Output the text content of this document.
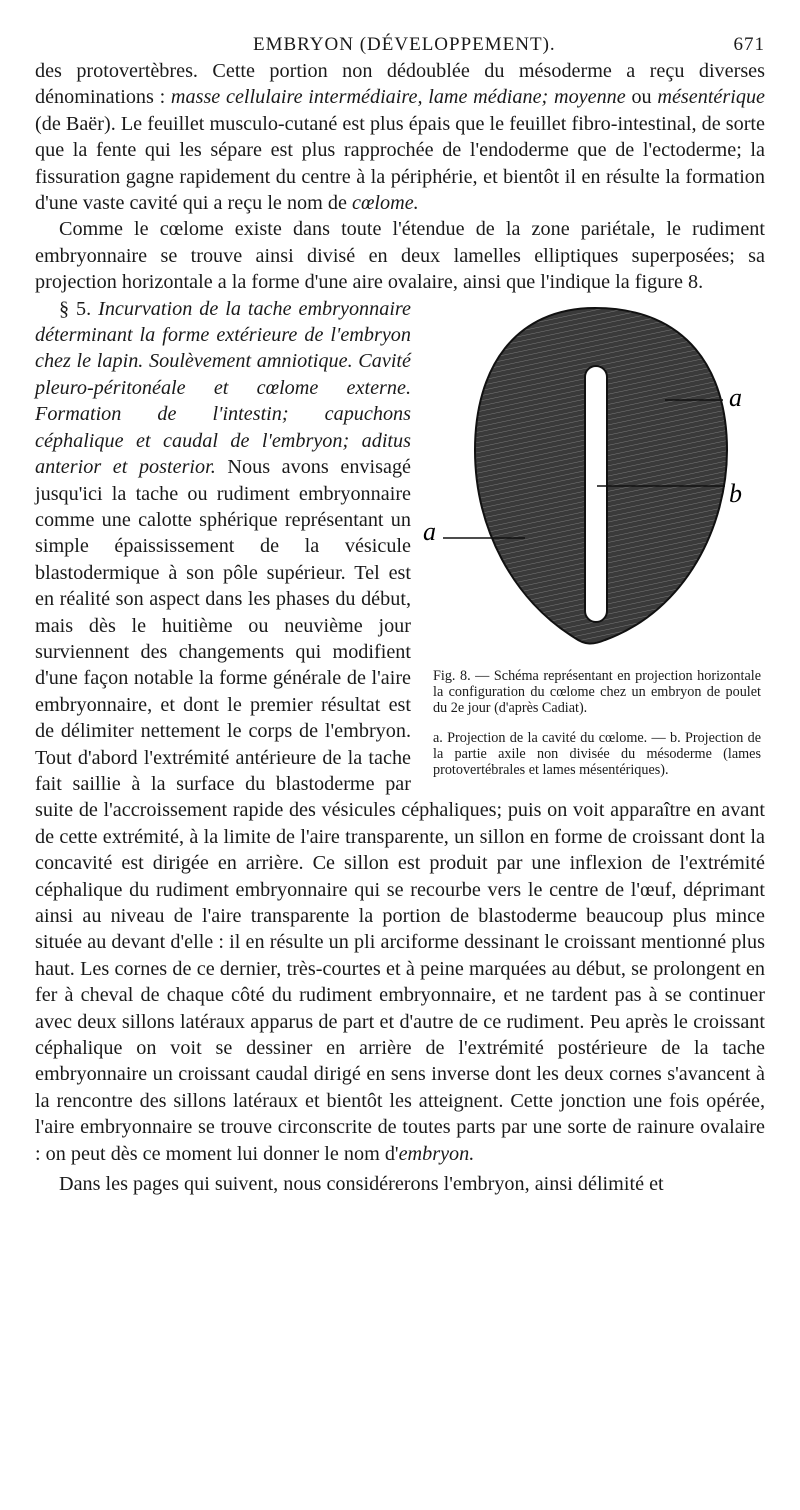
EMBRYON (DÉVELOPPEMENT).	671

des protovertèbres. Cette portion non dédoublée du mésoderme a reçu diverses dénominations : masse cellulaire intermédiaire, lame médiane; moyenne ou mésentérique (de Baër). Le feuillet musculo-cutané est plus épais que le feuillet fibro-intestinal, de sorte que la fente qui les sépare est plus rapprochée de l'endoderme que de l'ectoderme; la fissuration gagne rapidement du centre à la périphérie, et bientôt il en résulte la formation d'une vaste cavité qui a reçu le nom de cœlome.

Comme le cœlome existe dans toute l'étendue de la zone pariétale, le rudiment embryonnaire se trouve ainsi divisé en deux lamelles elliptiques superposées; sa projection horizontale a la forme d'une aire ovalaire, ainsi que l'indique la figure 8.

a
b
a
Fig. 8. — Schéma représentant en projection horizontale la configuration du cœlome chez un embryon de poulet du 2e jour (d'après Cadiat).
a. Projection de la cavité du cœlome. — b. Projection de la partie axile non divisée du mésoderme (lames protovertébrales et lames mésentériques).

§ 5. Incurvation de la tache embryonnaire déterminant la forme extérieure de l'embryon chez le lapin. Soulèvement amniotique. Cavité pleuro-péritonéale et cœlome externe. Formation de l'intestin; capuchons céphalique et caudal de l'embryon; aditus anterior et posterior. Nous avons envisagé jusqu'ici la tache ou rudiment embryonnaire comme une calotte sphérique représentant un simple épaississement de la vésicule blastodermique à son pôle supérieur. Tel est en réalité son aspect dans les phases du début, mais dès le huitième ou neuvième jour surviennent des changements qui modifient d'une façon notable la forme générale de l'aire embryonnaire, et dont le premier résultat est de délimiter nettement le corps de l'embryon. Tout d'abord l'extrémité antérieure de la tache fait saillie à la surface du blastoderme par suite de l'accroissement rapide des vésicules céphaliques; puis on voit apparaître en avant de cette extrémité, à la limite de l'aire transparente, un sillon en forme de croissant dont la concavité est dirigée en arrière. Ce sillon est produit par une inflexion de l'extrémité céphalique du rudiment embryonnaire qui se recourbe vers le centre de l'œuf, déprimant ainsi au niveau de l'aire transparente la portion de blastoderme beaucoup plus mince située au devant d'elle : il en résulte un pli arciforme dessinant le croissant mentionné plus haut. Les cornes de ce dernier, très-courtes et à peine marquées au début, se prolongent en fer à cheval de chaque côté du rudiment embryonnaire, et ne tardent pas à se continuer avec deux sillons latéraux apparus de part et d'autre de ce rudiment. Peu après le croissant céphalique on voit se dessiner en arrière de l'extrémité postérieure de la tache embryonnaire un croissant caudal dirigé en sens inverse dont les deux cornes s'avancent à la rencontre des sillons latéraux et bientôt les atteignent. Cette jonction une fois opérée, l'aire embryonnaire se trouve circonscrite de toutes parts par une sorte de rainure ovalaire : on peut dès ce moment lui donner le nom d'embryon.

Dans les pages qui suivent, nous considérerons l'embryon, ainsi délimité et
